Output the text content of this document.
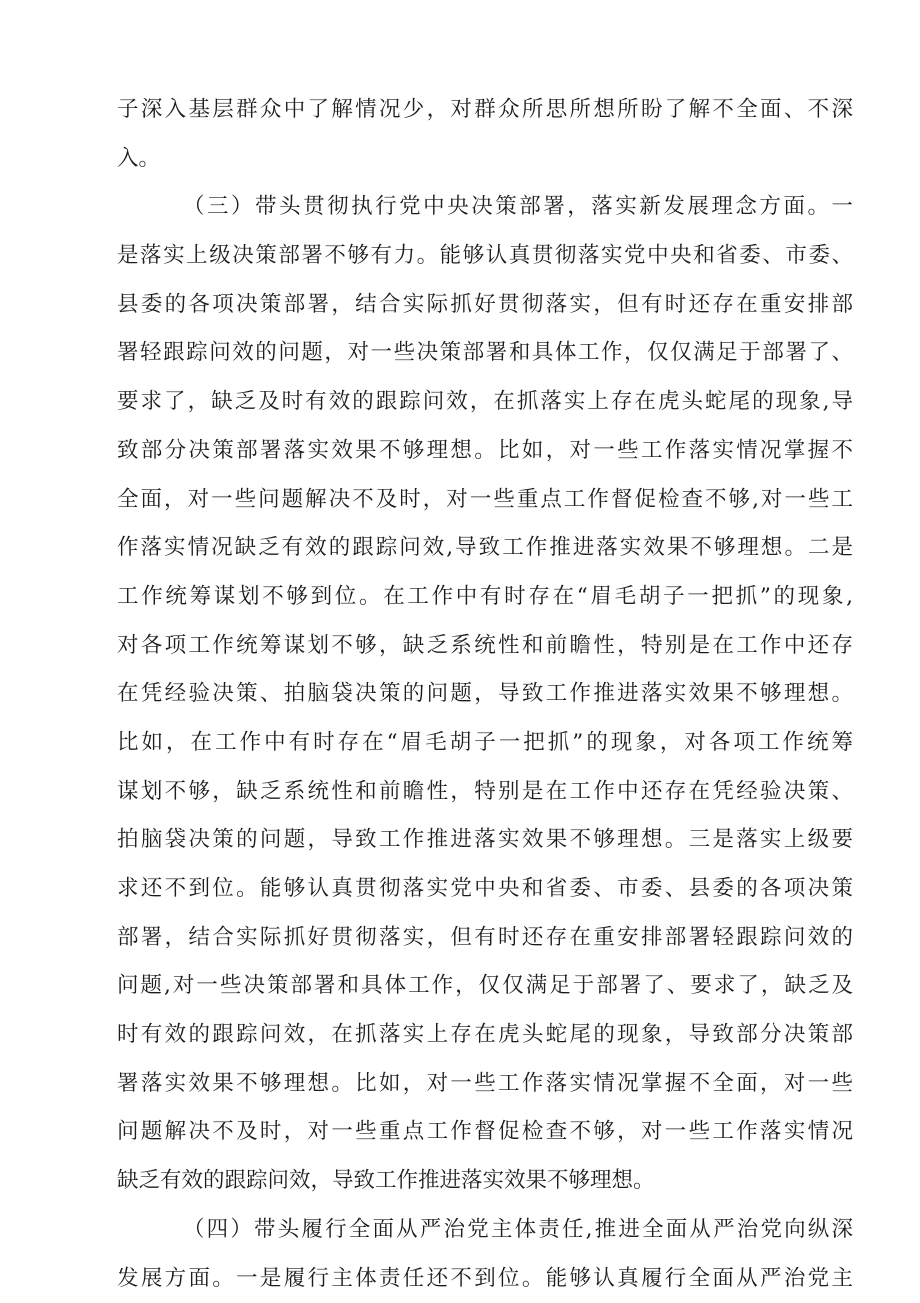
子深入基层群众中了解情况少，对群众所思所想所盼了解不全面、不深
入。
（三）带头贯彻执行党中央决策部署，落实新发展理念方面。一
是落实上级决策部署不够有力。能够认真贯彻落实党中央和省委、市委、
县委的各项决策部署，结合实际抓好贯彻落实，但有时还存在重安排部
署轻跟踪问效的问题，对一些决策部署和具体工作，仅仅满足于部署了、
要求了，缺乏及时有效的跟踪问效，在抓落实上存在虎头蛇尾的现象,导
致部分决策部署落实效果不够理想。比如，对一些工作落实情况掌握不
全面，对一些问题解决不及时，对一些重点工作督促检查不够,对一些工
作落实情况缺乏有效的跟踪问效,导致工作推进落实效果不够理想。二是
工作统筹谋划不够到位。在工作中有时存在“眉毛胡子一把抓”的现象,
对各项工作统筹谋划不够，缺乏系统性和前瞻性，特别是在工作中还存
在凭经验决策、拍脑袋决策的问题，导致工作推进落实效果不够理想。
比如，在工作中有时存在“眉毛胡子一把抓”的现象，对各项工作统筹
谋划不够，缺乏系统性和前瞻性，特别是在工作中还存在凭经验决策、
拍脑袋决策的问题，导致工作推进落实效果不够理想。三是落实上级要
求还不到位。能够认真贯彻落实党中央和省委、市委、县委的各项决策
部署，结合实际抓好贯彻落实，但有时还存在重安排部署轻跟踪问效的
问题,对一些决策部署和具体工作，仅仅满足于部署了、要求了，缺乏及
时有效的跟踪问效，在抓落实上存在虎头蛇尾的现象，导致部分决策部
署落实效果不够理想。比如，对一些工作落实情况掌握不全面，对一些
问题解决不及时，对一些重点工作督促检查不够，对一些工作落实情况
缺乏有效的跟踪问效，导致工作推进落实效果不够理想。
（四）带头履行全面从严治党主体责任,推进全面从严治党向纵深
发展方面。一是履行主体责任还不到位。能够认真履行全面从严治党主
